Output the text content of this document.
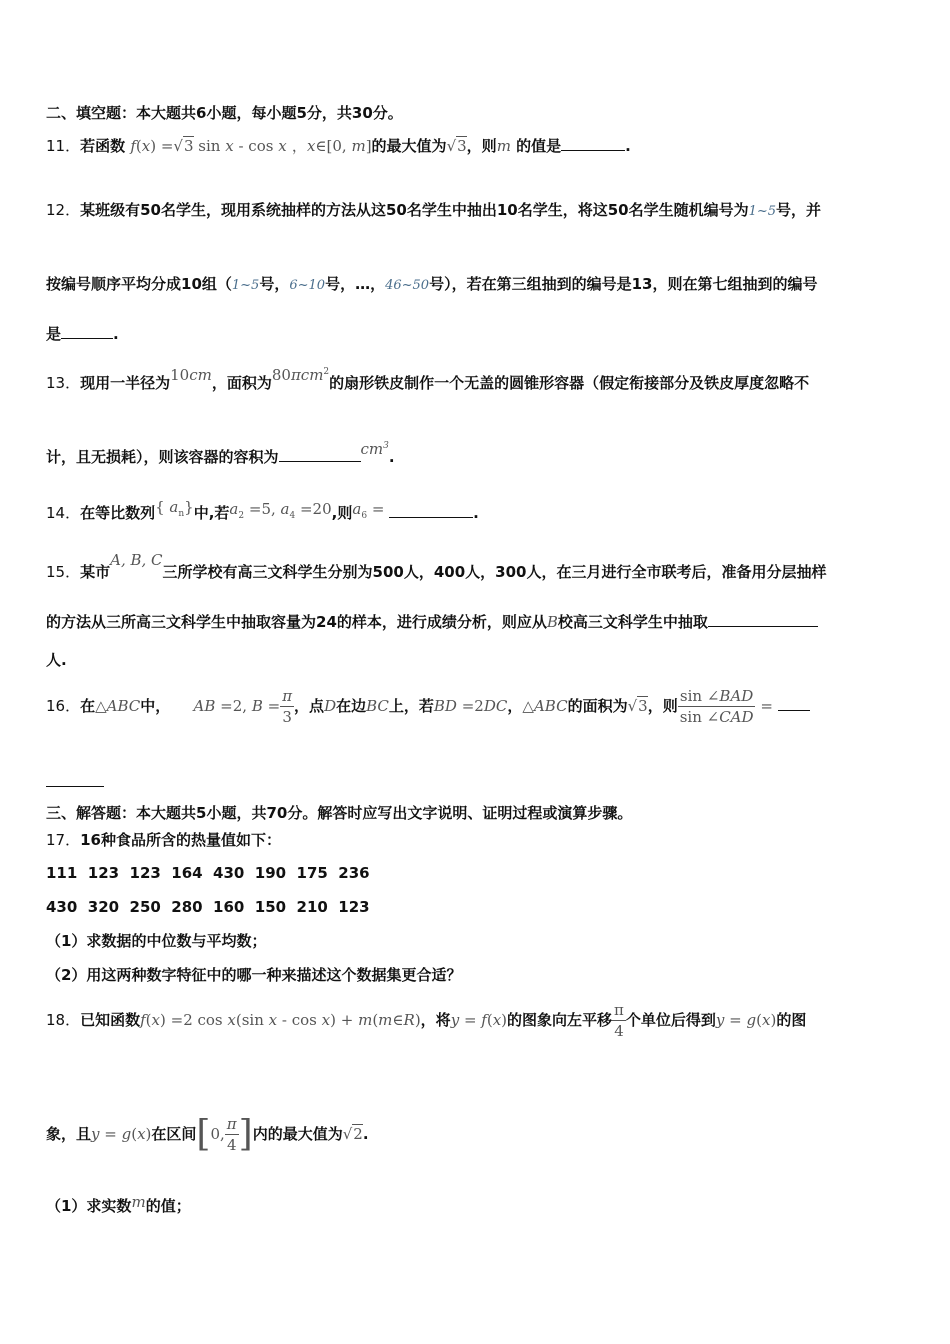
二、填空题：本大题共6小题，每小题5分，共30分。
11．若函数 f(x) =√3 sin x - cos x ，x∈[0, m]的最大值为√3，则m 的值是	.
12．某班级有50名学生，现用系统抽样的方法从这50名学生中抽出10名学生，将这50名学生随机编号为1~5号，并
按编号顺序平均分成10组（1~5号，6~10号，…，46~50号），若在第三组抽到的编号是13，则在第七组抽到的编号
是	.
13．现用一半径为10cm，面积为80πcm$^2$的扇形铁皮制作一个无盖的圆锥形容器（假定衔接部分及铁皮厚度忽略不
计，且无损耗），则该容器的容积为	$cm^3$.
14．在等比数列{ $a_n$}中,若$a_2 =5$, $a_4 =20$,则$a_6$ =	.
15．某市A, B, C三所学校有高三文科学生分别为500人，400人，300人，在三月进行全市联考后，准备用分层抽样
的方法从三所高三文科学生中抽取容量为24的样本，进行成绩分析，则应从B校高三文科学生中抽取
人.
16．在△ABC中， AB =2, $B = \frac{\pi}{3}$ ，点D在边BC上，若BD =2DC，△ABC的面积为√3，则 $\frac{\text{sin ∠BAD}}{\text{sin ∠CAD}}$ =
三、解答题：本大题共5小题，共70分。解答时应写出文字说明、证明过程或演算步骤。
17．16种食品所含的热量值如下：
111  123  123  164  430  190  175  236
430  320  250  280  160  150  210  123
（1）求数据的中位数与平均数；
（2）用这两种数字特征中的哪一种来描述这个数据集更合适？
18．已知函数f(x) =2 cos x(sin x - cos x) + m(m∈R)，将y = f(x)的图象向左平移 $\frac{\pi}{4}$ 个单位后得到y = g(x)的图
象，且y = g(x)在区间[0, $\frac{\pi}{4}$ ]内的最大值为√2.
（1）求实数m的值；
